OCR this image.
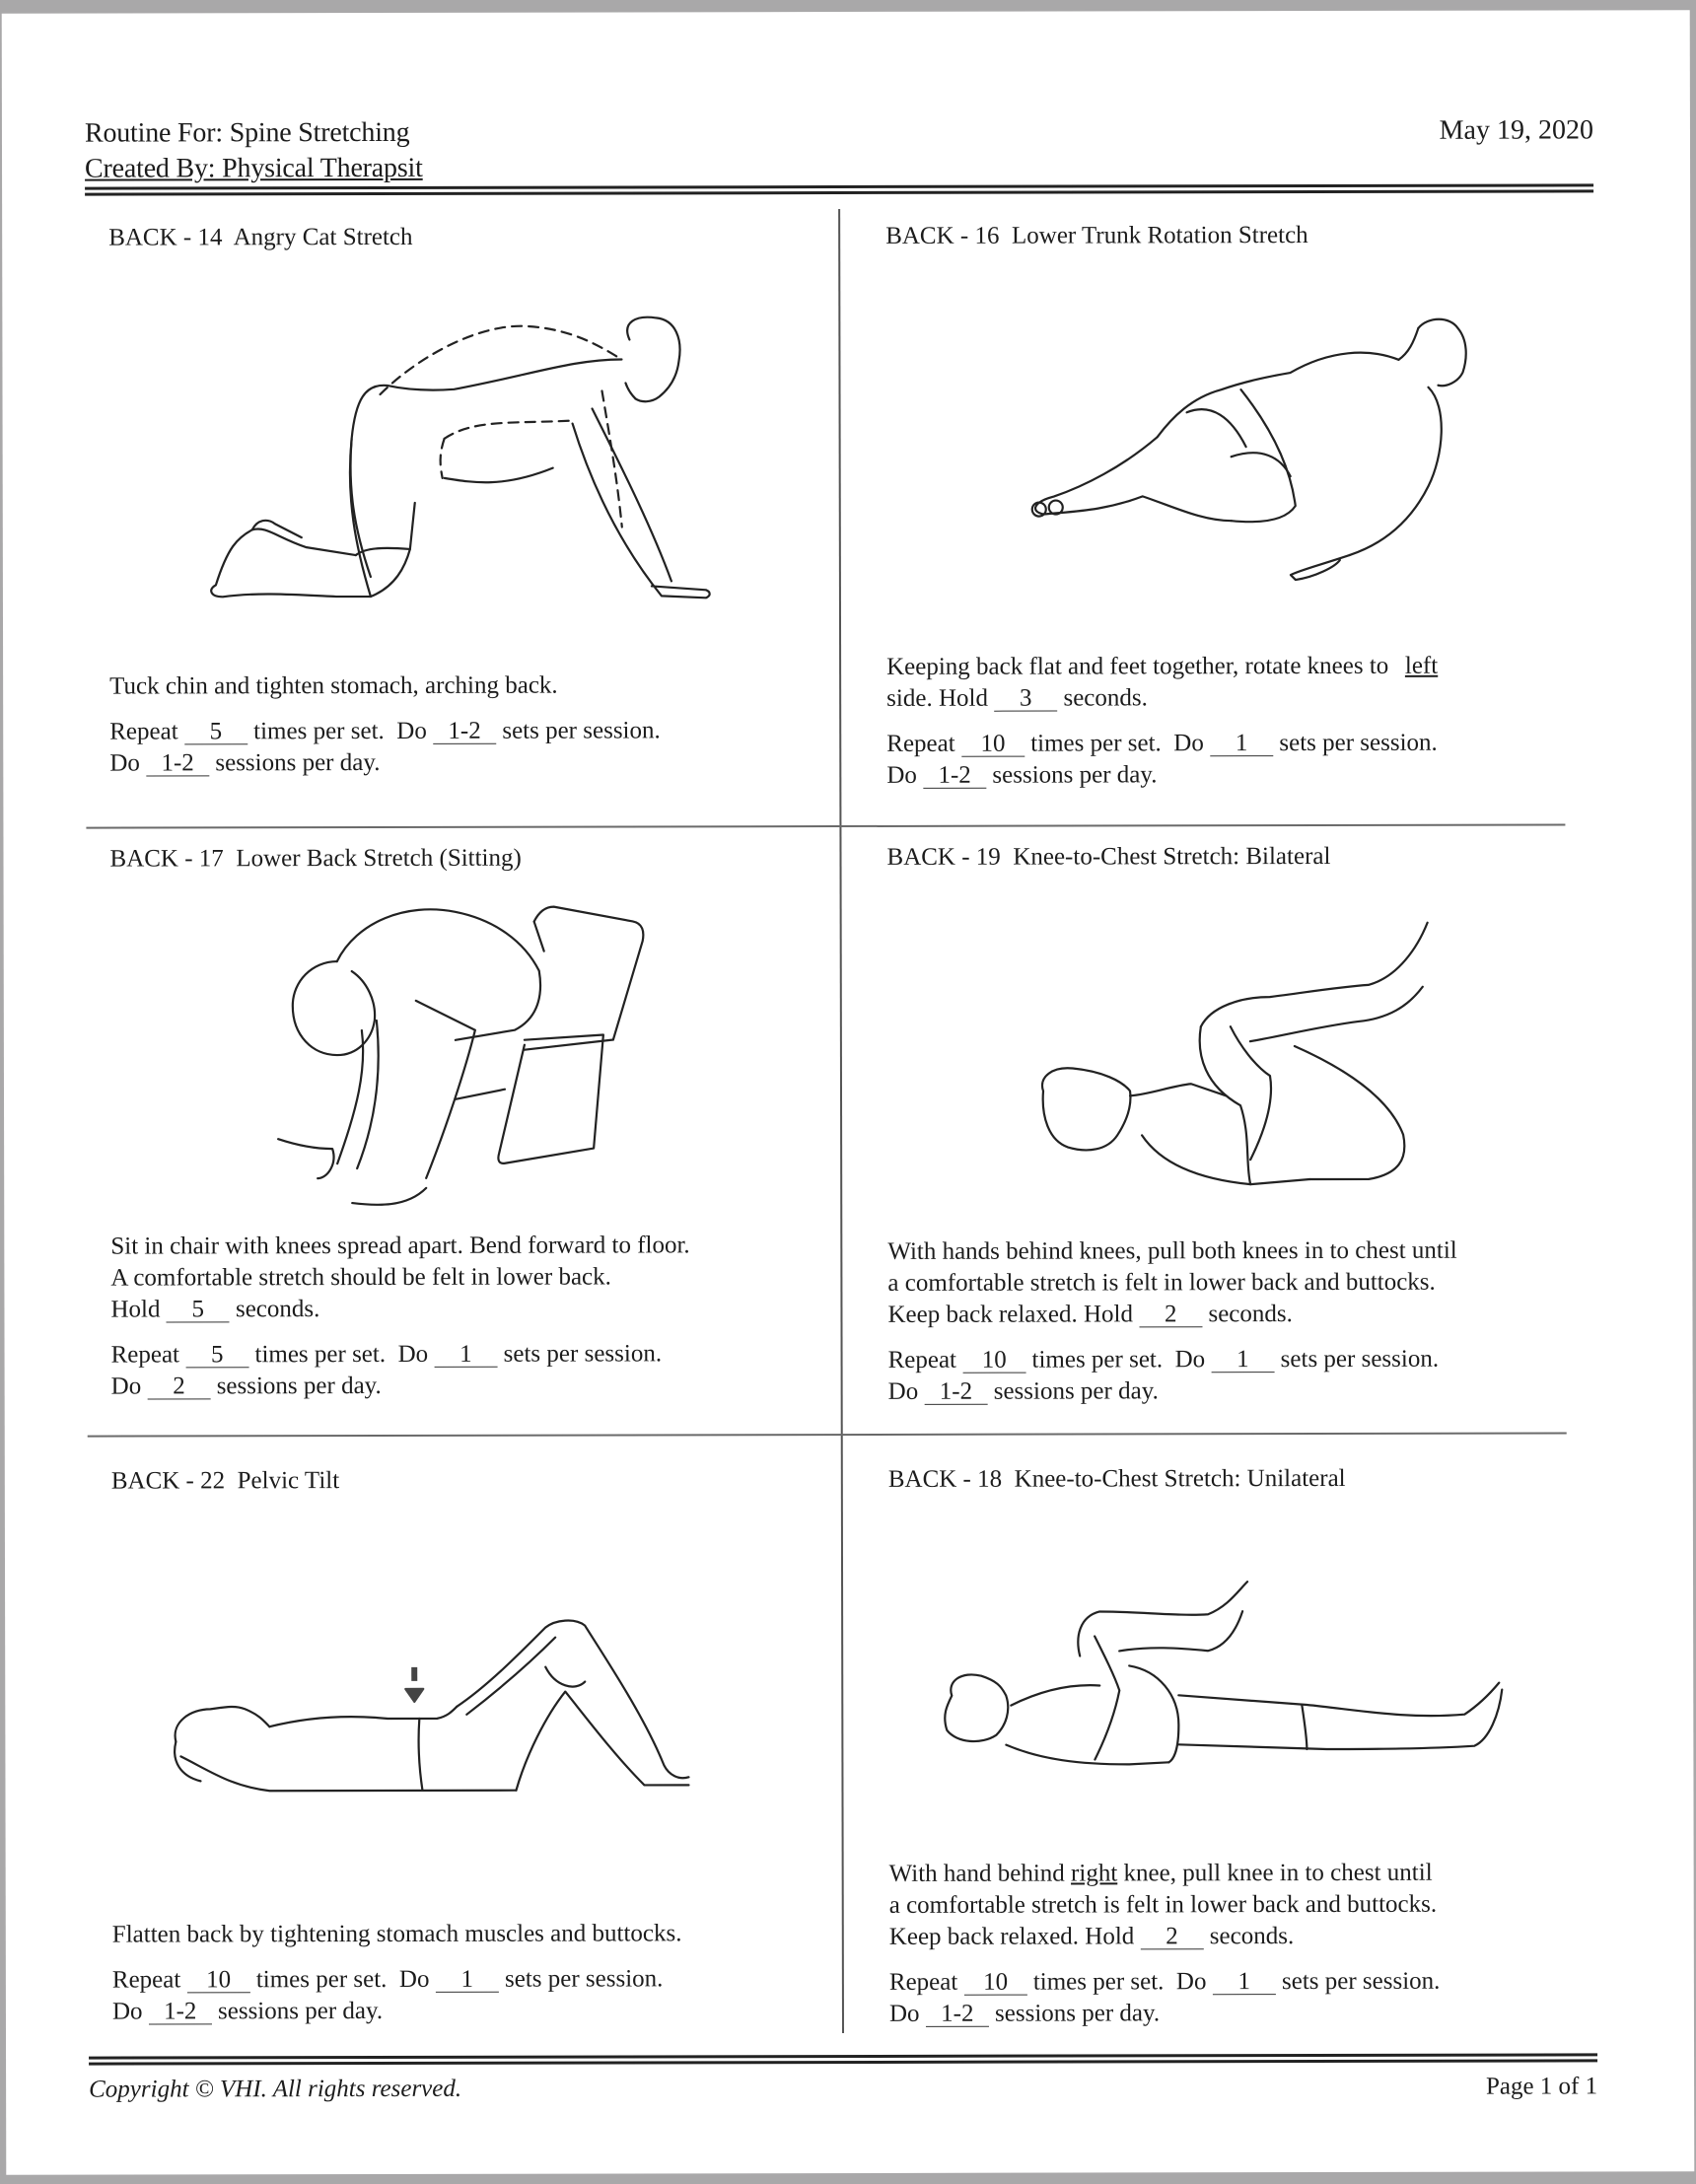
Routine For: Spine Stretching
Created By: Physical Therapsit
May 19, 2020
BACK - 14 Angry Cat Stretch

Tuck chin and tighten stomach, arching back.

Repeat 5 times per set. Do 1-2 sets per session.

Do 1-2 sessions per day.

BACK - 16 Lower Trunk Rotation Stretch

Keeping back flat and feet together, rotate knees to left

side. Hold 3 seconds.

Repeat 10 times per set. Do 1 sets per session.

Do 1-2 sessions per day.

BACK - 17 Lower Back Stretch (Sitting)

Sit in chair with knees spread apart. Bend forward to floor.

A comfortable stretch should be felt in lower back.

Hold 5 seconds.

Repeat 5 times per set. Do 1 sets per session.

Do 2 sessions per day.

BACK - 19 Knee-to-Chest Stretch: Bilateral

With hands behind knees, pull both knees in to chest until

a comfortable stretch is felt in lower back and buttocks.

Keep back relaxed. Hold 2 seconds.

Repeat 10 times per set. Do 1 sets per session.

Do 1-2 sessions per day.

BACK - 22 Pelvic Tilt

Flatten back by tightening stomach muscles and buttocks.

Repeat 10 times per set. Do 1 sets per session.

Do 1-2 sessions per day.

BACK - 18 Knee-to-Chest Stretch: Unilateral

With hand behind right knee, pull knee in to chest until

a comfortable stretch is felt in lower back and buttocks.

Keep back relaxed. Hold 2 seconds.

Repeat 10 times per set. Do 1 sets per session.

Do 1-2 sessions per day.

Copyright © VHI. All rights reserved.	Page 1 of 1
